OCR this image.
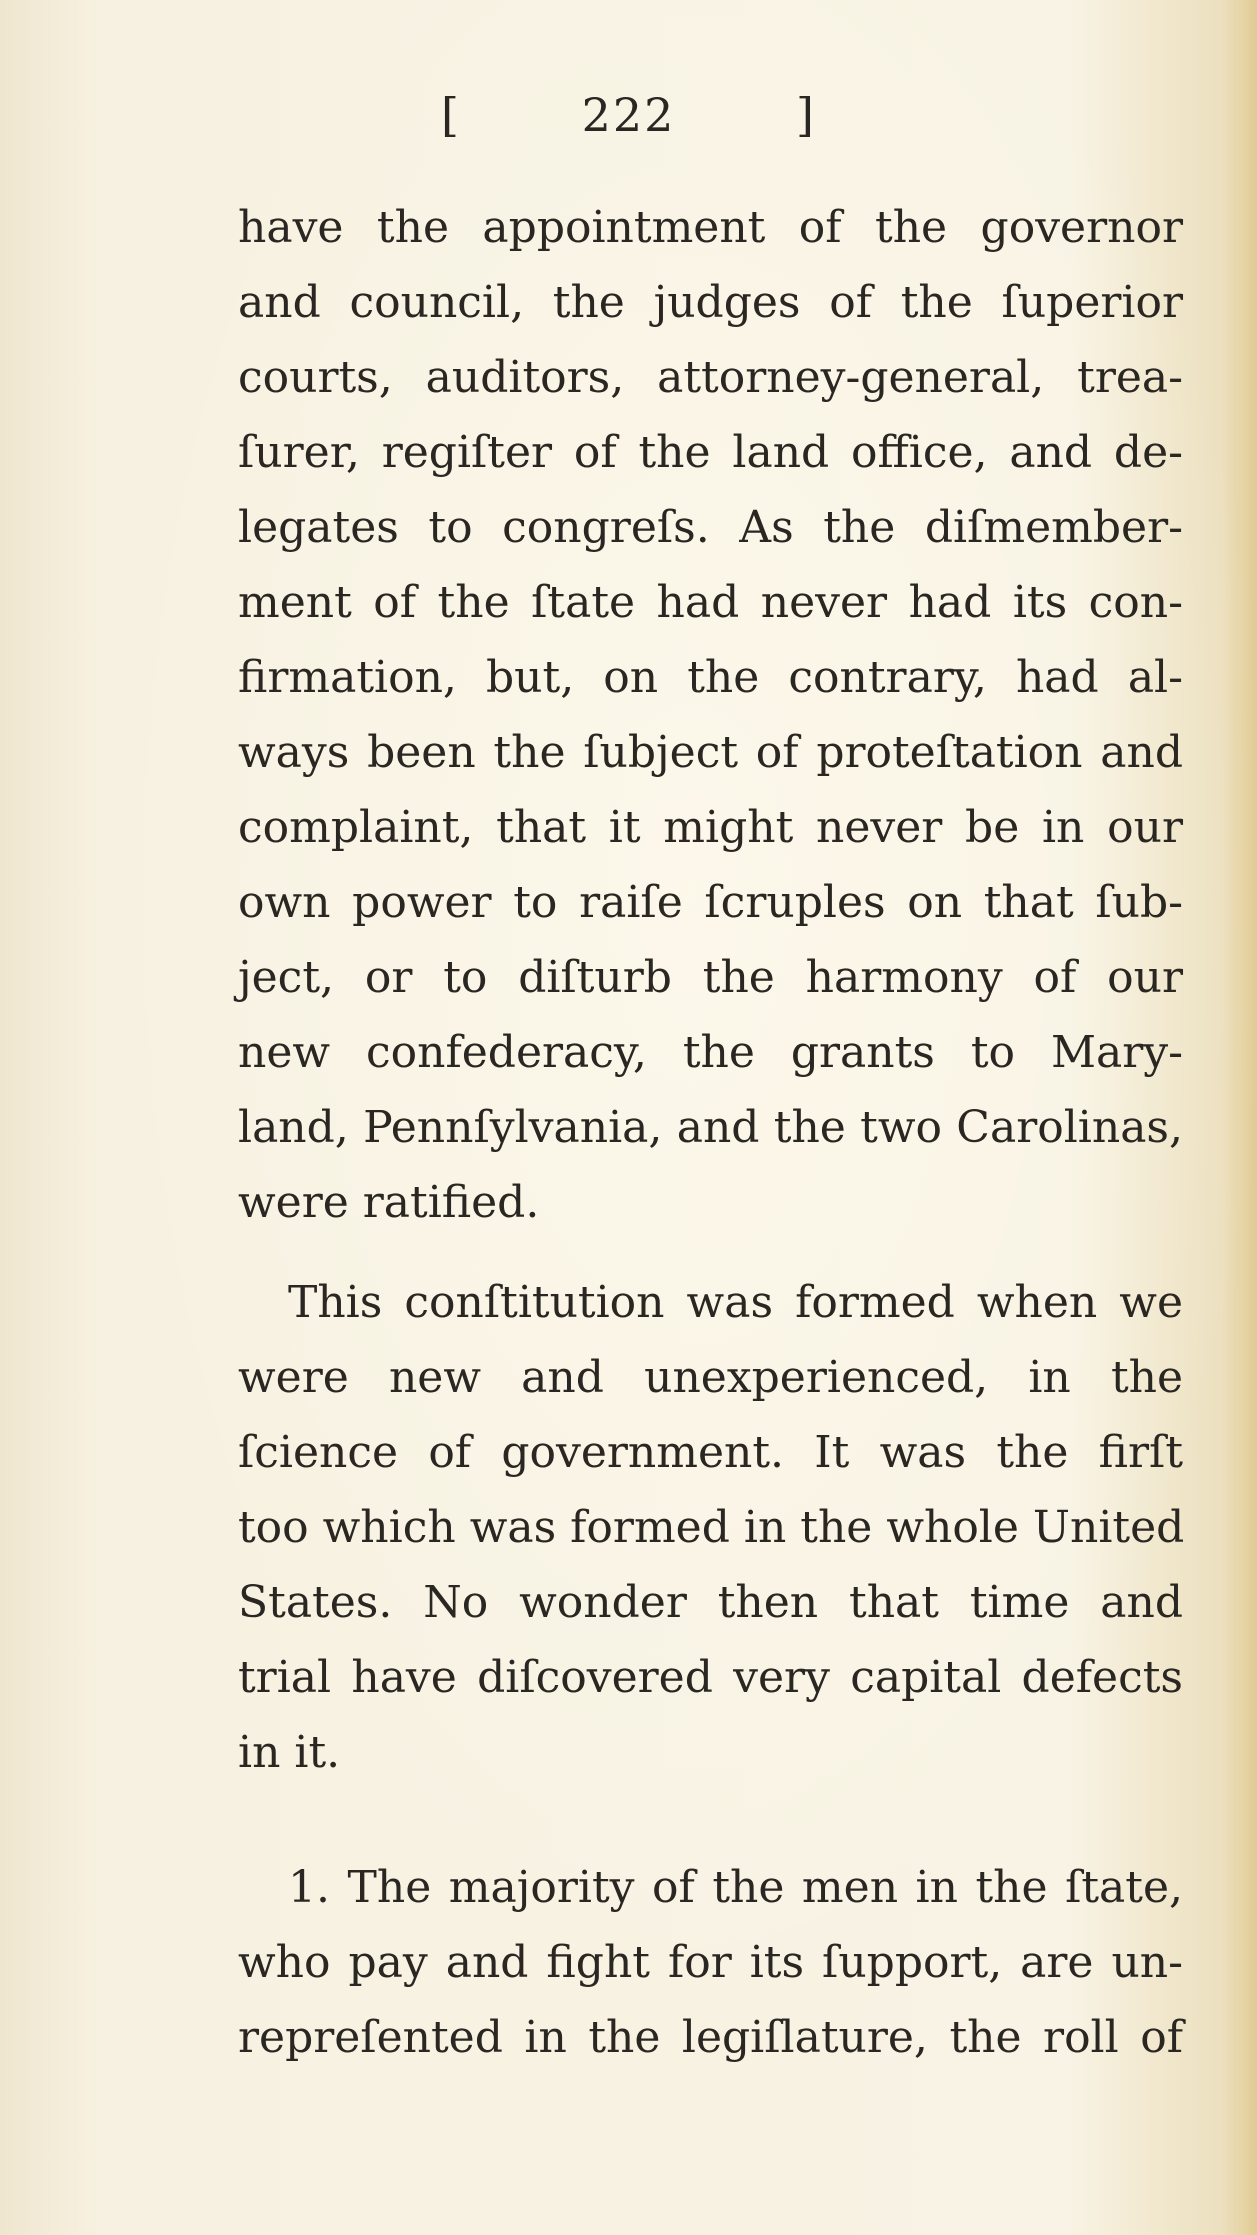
[	222	]
have the appointment of the governor
and council, the judges of the ſuperior
courts, auditors, attorney-general, trea-
ſurer, regiſter of the land office, and de-
legates to congreſs. As the diſmember-
ment of the ſtate had never had its con-
firmation, but, on the contrary, had al-
ways been the ſubject of proteſtation and
complaint, that it might never be in our
own power to raiſe ſcruples on that ſub-
ject, or to diſturb the harmony of our
new confederacy, the grants to Mary-
land, Pennſylvania, and the two Carolinas,
were ratified.
This conſtitution was formed when we
were new and unexperienced, in the
ſcience of government. It was the firſt
too which was formed in the whole United
States. No wonder then that time and
trial have diſcovered very capital defects
in it.
1. The majority of the men in the ſtate,
who pay and fight for its ſupport, are un-
repreſented in the legiſlature, the roll of
